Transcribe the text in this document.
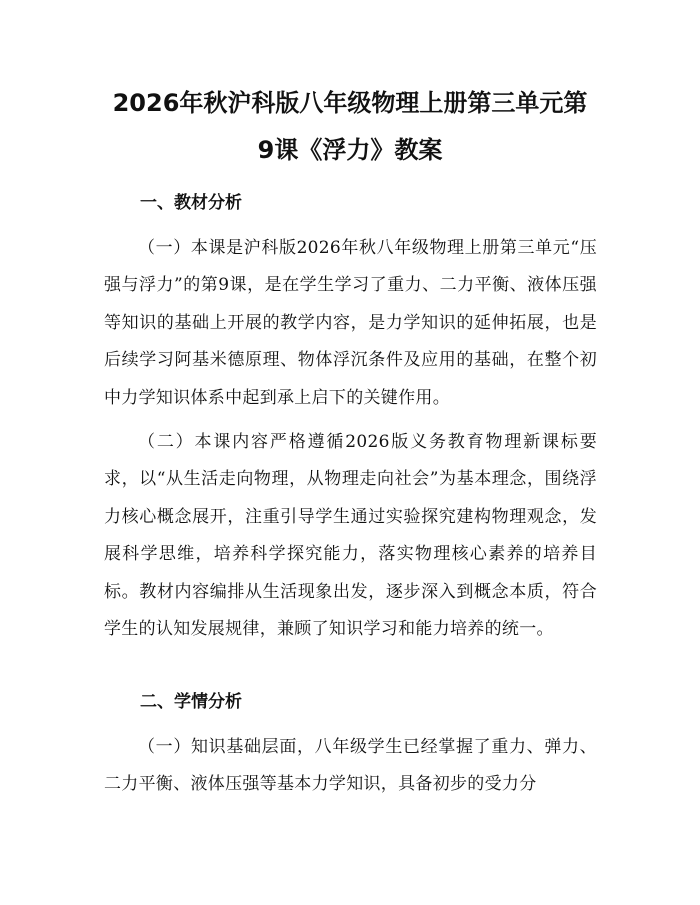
2026年秋沪科版八年级物理上册第三单元第
9课《浮力》教案
一、教材分析

（一）本课是沪科版2026年秋八年级物理上册第三单元“压强与浮力”的第9课，是在学生学习了重力、二力平衡、液体压强等知识的基础上开展的教学内容，是力学知识的延伸拓展，也是后续学习阿基米德原理、物体浮沉条件及应用的基础，在整个初中力学知识体系中起到承上启下的关键作用。

（二）本课内容严格遵循2026版义务教育物理新课标要求，以“从生活走向物理，从物理走向社会”为基本理念，围绕浮力核心概念展开，注重引导学生通过实验探究建构物理观念，发展科学思维，培养科学探究能力，落实物理核心素养的培养目标。教材内容编排从生活现象出发，逐步深入到概念本质，符合学生的认知发展规律，兼顾了知识学习和能力培养的统一。

二、学情分析

（一）知识基础层面，八年级学生已经掌握了重力、弹力、二力平衡、液体压强等基本力学知识，具备初步的受力分
